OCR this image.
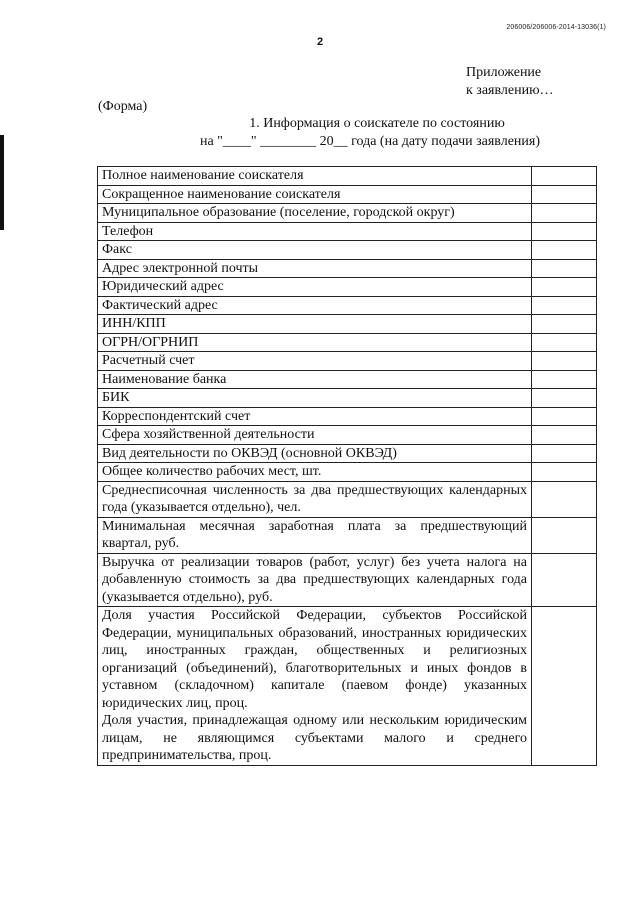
206006/206006-2014-13036(1)
2
Приложение
к заявлению…
(Форма)
1. Информация о соискателе по состоянию
на "____" ________ 20__ года (на дату подачи заявления)
Полное наименование соискателя	
Сокращенное наименование соискателя	
Муниципальное образование (поселение, городской округ)	
Телефон	
Факс	
Адрес электронной почты	
Юридический адрес	
Фактический адрес	
ИНН/КПП	
ОГРН/ОГРНИП	
Расчетный счет	
Наименование банка	
БИК	
Корреспондентский счет	
Сфера хозяйственной деятельности	
Вид деятельности по ОКВЭД (основной ОКВЭД)	
Общее количество рабочих мест, шт.	
Среднесписочная численность за два предшествующих календарных года (указывается отдельно), чел.	
Минимальная месячная заработная плата за предшествующий квартал, руб.	
Выручка от реализации товаров (работ, услуг) без учета налога на добавленную стоимость за два предшествующих календарных года (указывается отдельно), руб.	

Доля участия Российской Федерации, субъектов Российской Федерации, муниципальных образований, иностранных юридических лиц, иностранных граждан, общественных и религиозных организаций (объединений), благотворительных и иных фондов в уставном (складочном) капитале (паевом фонде) указанных юридических лиц, проц.
Доля участия, принадлежащая одному или нескольким юридическим лицам, не являющимся субъектами малого и среднего предпринимательства, проц.	
